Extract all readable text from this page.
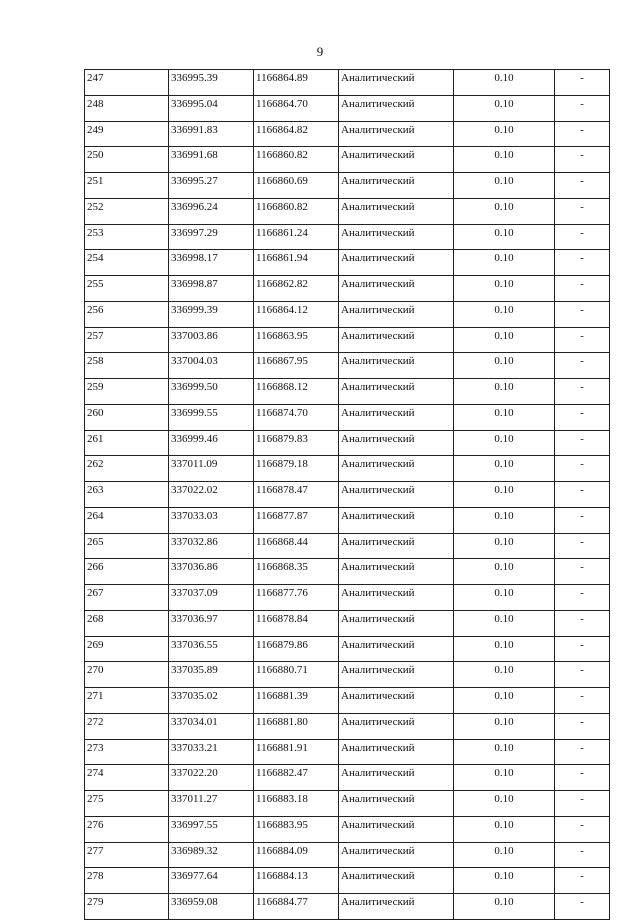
9
247	336995.39	1166864.89	Аналитический	0.10	-
248	336995.04	1166864.70	Аналитический	0.10	-
249	336991.83	1166864.82	Аналитический	0.10	-
250	336991.68	1166860.82	Аналитический	0.10	-
251	336995.27	1166860.69	Аналитический	0.10	-
252	336996.24	1166860.82	Аналитический	0.10	-
253	336997.29	1166861.24	Аналитический	0.10	-
254	336998.17	1166861.94	Аналитический	0.10	-
255	336998.87	1166862.82	Аналитический	0.10	-
256	336999.39	1166864.12	Аналитический	0.10	-
257	337003.86	1166863.95	Аналитический	0.10	-
258	337004.03	1166867.95	Аналитический	0.10	-
259	336999.50	1166868.12	Аналитический	0.10	-
260	336999.55	1166874.70	Аналитический	0.10	-
261	336999.46	1166879.83	Аналитический	0.10	-
262	337011.09	1166879.18	Аналитический	0.10	-
263	337022.02	1166878.47	Аналитический	0.10	-
264	337033.03	1166877.87	Аналитический	0.10	-
265	337032.86	1166868.44	Аналитический	0.10	-
266	337036.86	1166868.35	Аналитический	0.10	-
267	337037.09	1166877.76	Аналитический	0.10	-
268	337036.97	1166878.84	Аналитический	0.10	-
269	337036.55	1166879.86	Аналитический	0.10	-
270	337035.89	1166880.71	Аналитический	0.10	-
271	337035.02	1166881.39	Аналитический	0.10	-
272	337034.01	1166881.80	Аналитический	0.10	-
273	337033.21	1166881.91	Аналитический	0.10	-
274	337022.20	1166882.47	Аналитический	0.10	-
275	337011.27	1166883.18	Аналитический	0.10	-
276	336997.55	1166883.95	Аналитический	0.10	-
277	336989.32	1166884.09	Аналитический	0.10	-
278	336977.64	1166884.13	Аналитический	0.10	-
279	336959.08	1166884.77	Аналитический	0.10	-
